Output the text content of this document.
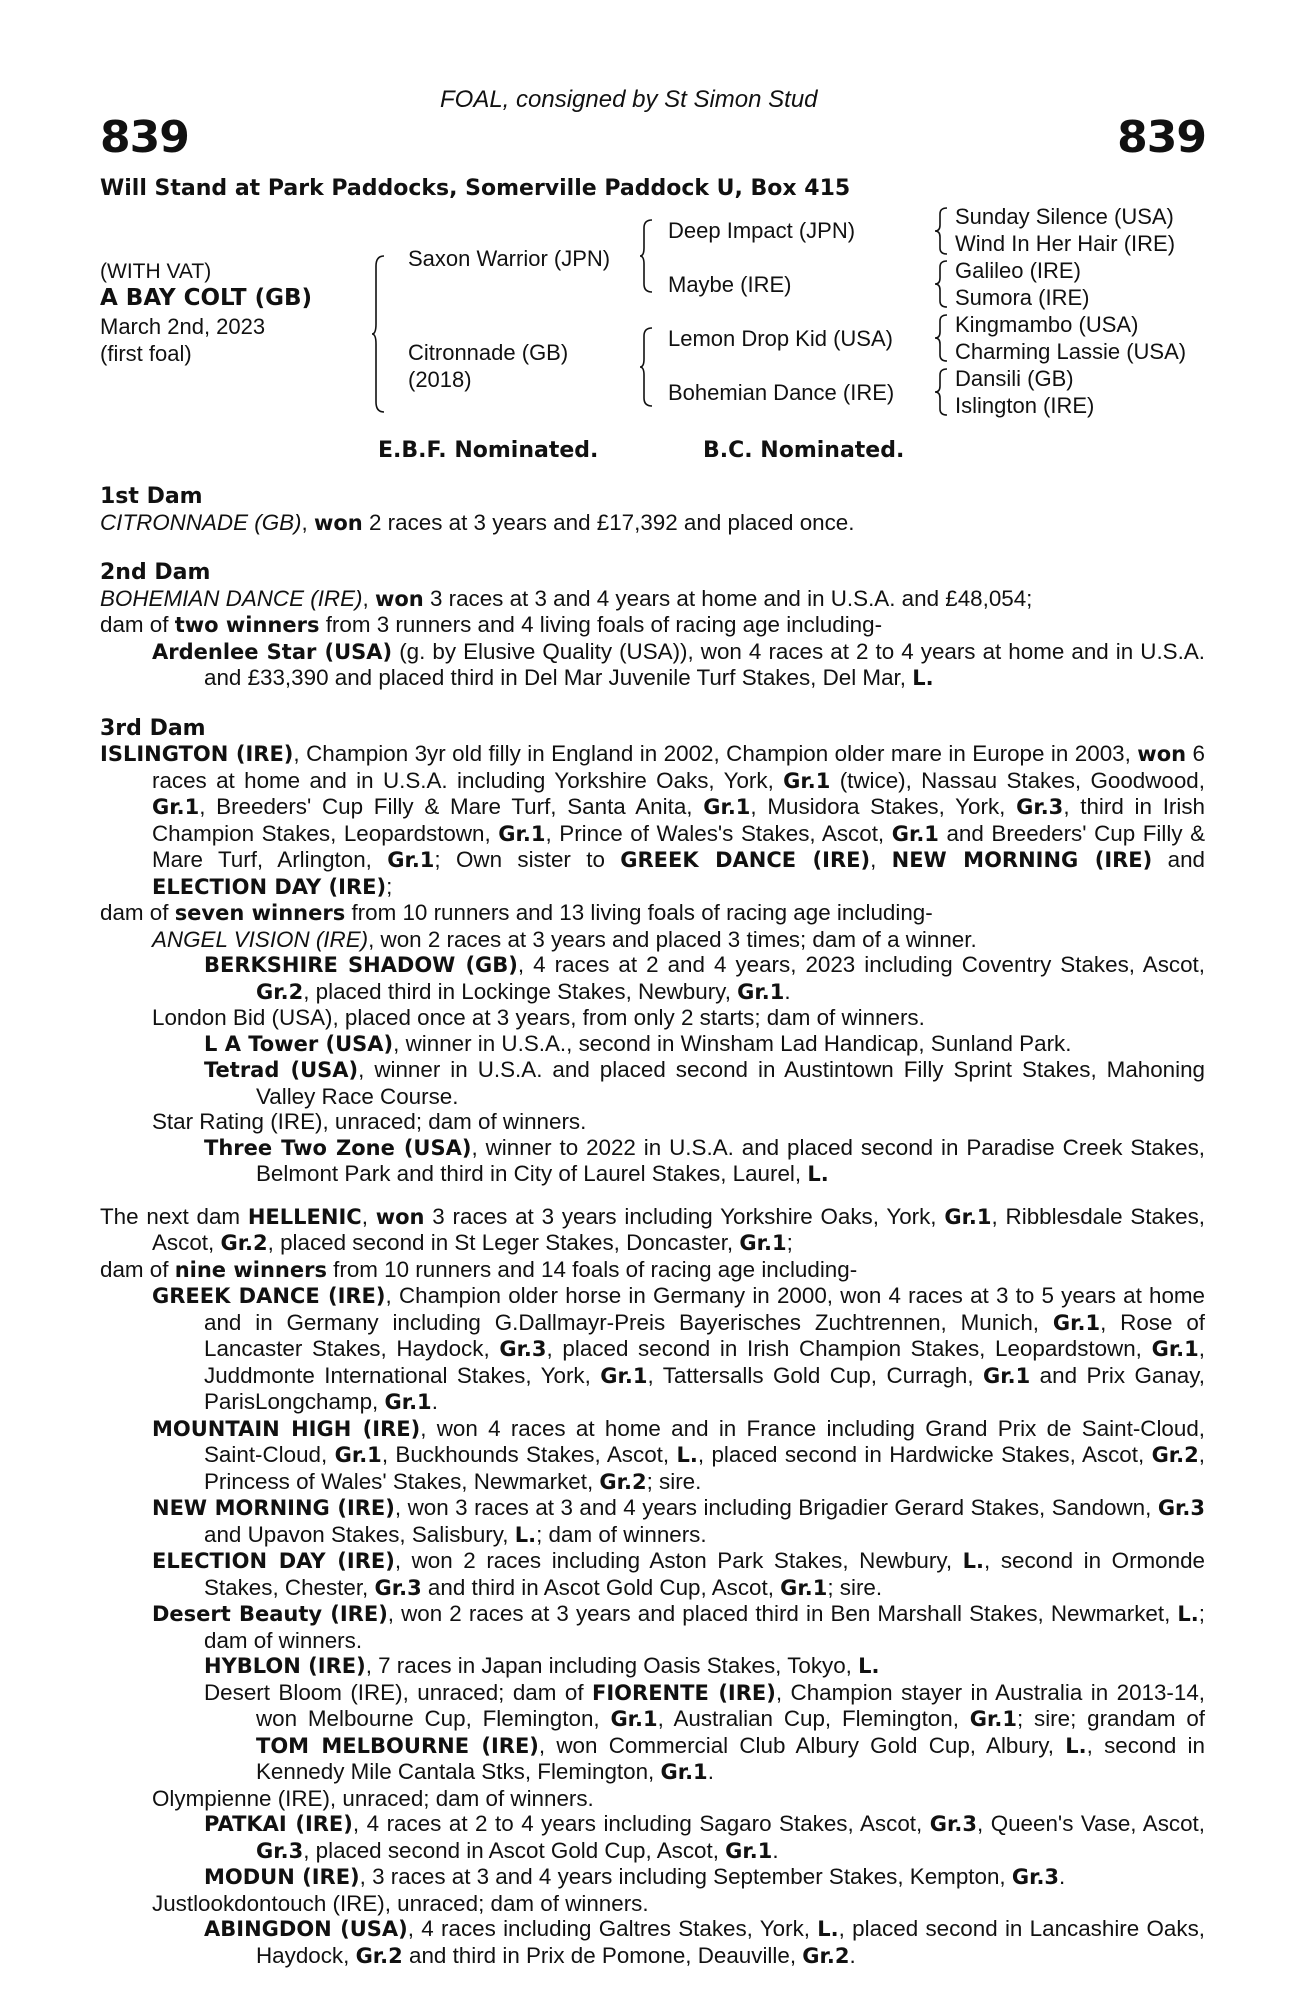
839	839
FOAL, consigned by St Simon Stud
Will Stand at Park Paddocks, Somerville Paddock U, Box 415
(WITH VAT)
A BAY COLT (GB)
March 2nd, 2023
(first foal)
Saxon Warrior (JPN)
Citronnade (GB)
(2018)
Deep Impact (JPN)
Maybe (IRE)
Lemon Drop Kid (USA)
Bohemian Dance (IRE)
Sunday Silence (USA)
Wind In Her Hair (IRE)
Galileo (IRE)
Sumora (IRE)
Kingmambo (USA)
Charming Lassie (USA)
Dansili (GB)
Islington (IRE)
E.B.F. Nominated.	B.C. Nominated.

1st Dam

CITRONNADE (GB), won 2 races at 3 years and £17,392 and placed once.

2nd Dam

BOHEMIAN DANCE (IRE), won 3 races at 3 and 4 years at home and in U.S.A. and £48,054;

dam of two winners from 3 runners and 4 living foals of racing age including-

Ardenlee Star (USA) (g. by Elusive Quality (USA)), won 4 races at 2 to 4 years at home and in U.S.A. and £33,390 and placed third in Del Mar Juvenile Turf Stakes, Del Mar, L.

3rd Dam

ISLINGTON (IRE), Champion 3yr old filly in England in 2002, Champion older mare in Europe in 2003, won 6 races at home and in U.S.A. including Yorkshire Oaks, York, Gr.1 (twice), Nassau Stakes, Goodwood, Gr.1, Breeders' Cup Filly & Mare Turf, Santa Anita, Gr.1, Musidora Stakes, York, Gr.3, third in Irish Champion Stakes, Leopardstown, Gr.1, Prince of Wales's Stakes, Ascot, Gr.1 and Breeders' Cup Filly & Mare Turf, Arlington, Gr.1; Own sister to GREEK DANCE (IRE), NEW MORNING (IRE) and ELECTION DAY (IRE);

dam of seven winners from 10 runners and 13 living foals of racing age including-

ANGEL VISION (IRE), won 2 races at 3 years and placed 3 times; dam of a winner.

BERKSHIRE SHADOW (GB), 4 races at 2 and 4 years, 2023 including Coventry Stakes, Ascot, Gr.2, placed third in Lockinge Stakes, Newbury, Gr.1.

London Bid (USA), placed once at 3 years, from only 2 starts; dam of winners.

L A Tower (USA), winner in U.S.A., second in Winsham Lad Handicap, Sunland Park.

Tetrad (USA), winner in U.S.A. and placed second in Austintown Filly Sprint Stakes, Mahoning Valley Race Course.

Star Rating (IRE), unraced; dam of winners.

Three Two Zone (USA), winner to 2022 in U.S.A. and placed second in Paradise Creek Stakes, Belmont Park and third in City of Laurel Stakes, Laurel, L.

The next dam HELLENIC, won 3 races at 3 years including Yorkshire Oaks, York, Gr.1, Ribblesdale Stakes, Ascot, Gr.2, placed second in St Leger Stakes, Doncaster, Gr.1;

dam of nine winners from 10 runners and 14 foals of racing age including-

GREEK DANCE (IRE), Champion older horse in Germany in 2000, won 4 races at 3 to 5 years at home and in Germany including G.Dallmayr-Preis Bayerisches Zuchtrennen, Munich, Gr.1, Rose of Lancaster Stakes, Haydock, Gr.3, placed second in Irish Champion Stakes, Leopardstown, Gr.1, Juddmonte International Stakes, York, Gr.1, Tattersalls Gold Cup, Curragh, Gr.1 and Prix Ganay, ParisLongchamp, Gr.1.

MOUNTAIN HIGH (IRE), won 4 races at home and in France including Grand Prix de Saint-Cloud, Saint-Cloud, Gr.1, Buckhounds Stakes, Ascot, L., placed second in Hardwicke Stakes, Ascot, Gr.2, Princess of Wales' Stakes, Newmarket, Gr.2; sire.

NEW MORNING (IRE), won 3 races at 3 and 4 years including Brigadier Gerard Stakes, Sandown, Gr.3 and Upavon Stakes, Salisbury, L.; dam of winners.

ELECTION DAY (IRE), won 2 races including Aston Park Stakes, Newbury, L., second in Ormonde Stakes, Chester, Gr.3 and third in Ascot Gold Cup, Ascot, Gr.1; sire.

Desert Beauty (IRE), won 2 races at 3 years and placed third in Ben Marshall Stakes, Newmarket, L.; dam of winners.

HYBLON (IRE), 7 races in Japan including Oasis Stakes, Tokyo, L.

Desert Bloom (IRE), unraced; dam of FIORENTE (IRE), Champion stayer in Australia in 2013-14, won Melbourne Cup, Flemington, Gr.1, Australian Cup, Flemington, Gr.1; sire; grandam of TOM MELBOURNE (IRE), won Commercial Club Albury Gold Cup, Albury, L., second in Kennedy Mile Cantala Stks, Flemington, Gr.1.

Olympienne (IRE), unraced; dam of winners.

PATKAI (IRE), 4 races at 2 to 4 years including Sagaro Stakes, Ascot, Gr.3, Queen's Vase, Ascot, Gr.3, placed second in Ascot Gold Cup, Ascot, Gr.1.

MODUN (IRE), 3 races at 3 and 4 years including September Stakes, Kempton, Gr.3.

Justlookdontouch (IRE), unraced; dam of winners.

ABINGDON (USA), 4 races including Galtres Stakes, York, L., placed second in Lancashire Oaks, Haydock, Gr.2 and third in Prix de Pomone, Deauville, Gr.2.
